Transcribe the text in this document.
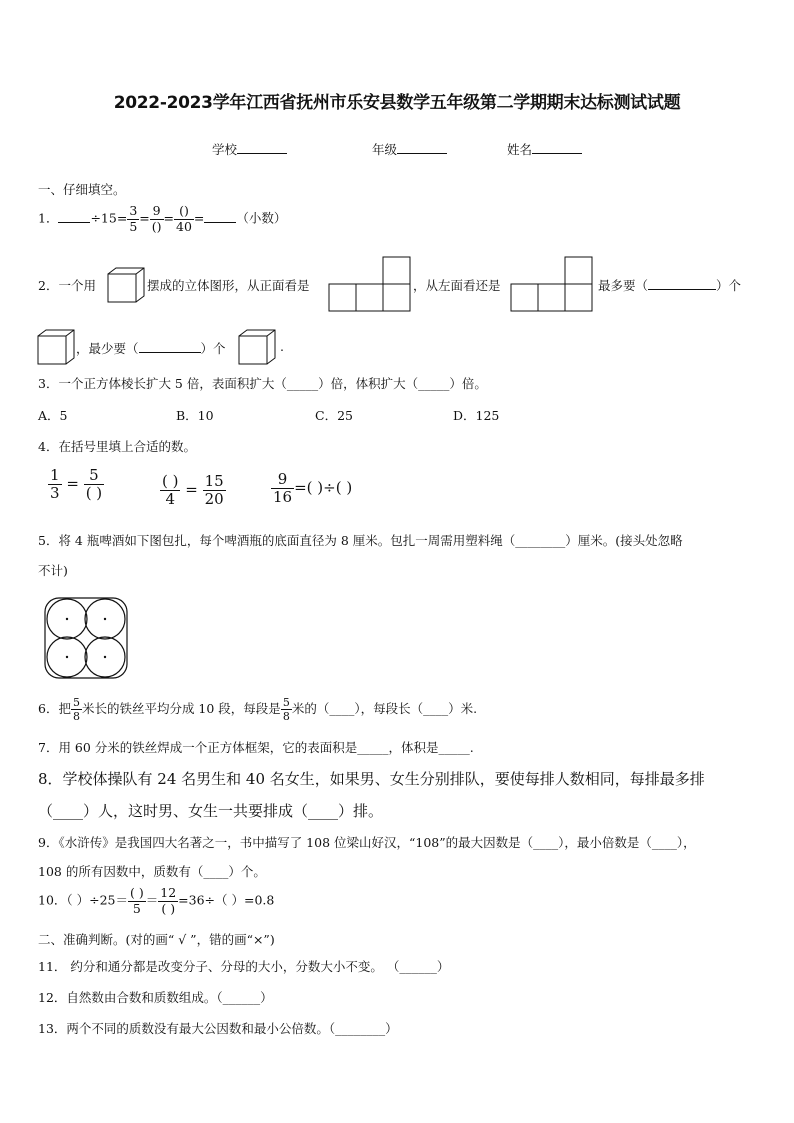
2022-2023学年江西省抚州市乐安县数学五年级第二学期期末达标测试试题
学校	年级	姓名
一、仔细填空。
1．	$\div 15= \frac{3}{5} = \frac{9}{()} = \frac{()}{40}$ =	（小数）
2．一个用	摆成的立体图形，从正面看是	，从左面看还是	最多要（	）个
，最少要（	）个	.
3．一个正方体棱长扩大 5 倍，表面积扩大（_____）倍，体积扩大（_____）倍。
A．5	B．10	C．25	D．125
4．在括号里填上合适的数。
$\frac{1}{3} = \frac{5}{( )}$	$\frac{( )}{4} = \frac{15}{20}$	$\frac{9}{16}$ =( )÷( )
5．将 4 瓶啤酒如下图包扎，每个啤酒瓶的底面直径为 8 厘米。包扎一周需用塑料绳（________）厘米。(接头处忽略
不计)
6．把 $\frac{5}{8}$ 米长的铁丝平均分成 10 段，每段是 $\frac{5}{8}$ 米的（____），每段长（____）米.
7．用 60 分米的铁丝焊成一个正方体框架，它的表面积是_____，体积是_____.
8．学校体操队有 24 名男生和 40 名女生，如果男、女生分别排队，要使每排人数相同，每排最多排
（____）人，这时男、女生一共要排成（____）排。
9．《水浒传》是我国四大名著之一，书中描写了 108 位梁山好汉，“108”的最大因数是（____），最小倍数是（____），
108 的所有因数中，质数有（____）个。
10．（ ）$\div 25= \frac{( )}{5} = \frac{12}{( )} =36\div$（ ）=0.8
二、准确判断。(对的画“ √ ”，错的画“×”)
11． 约分和通分都是改变分子、分母的大小，分数大小不变。 （______）
12．自然数由合数和质数组成。（______）
13．两个不同的质数没有最大公因数和最小公倍数。（________）
